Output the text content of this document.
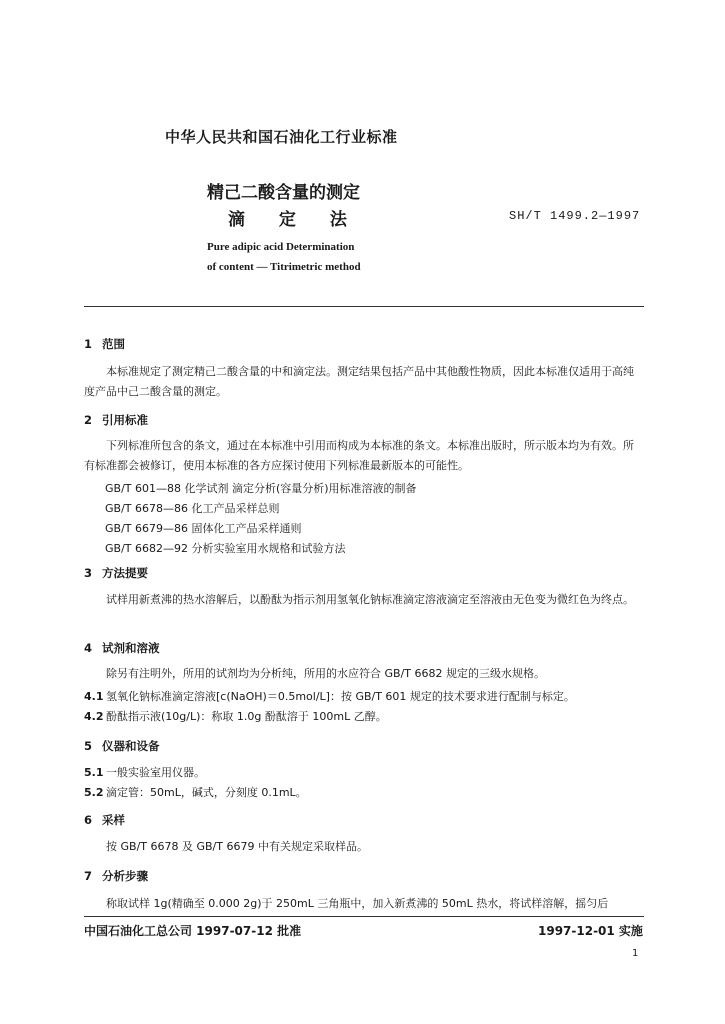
中华人民共和国石油化工行业标准
精己二酸含量的测定
滴 定 法	SH/T 1499.2—1997
Pure adipic acid Determination
of content — Titrimetric method
1 范围
本标准规定了测定精己二酸含量的中和滴定法。测定结果包括产品中其他酸性物质，因此本标准仅适用于高纯度产品中己二酸含量的测定。
2 引用标准
下列标准所包含的条文，通过在本标准中引用而构成为本标准的条文。本标准出版时，所示版本均为有效。所有标准都会被修订，使用本标准的各方应探讨使用下列标准最新版本的可能性。
GB/T 601—88 化学试剂 滴定分析(容量分析)用标准溶液的制备
GB/T 6678—86 化工产品采样总则
GB/T 6679—86 固体化工产品采样通则
GB/T 6682—92 分析实验室用水规格和试验方法
3 方法提要
试样用新煮沸的热水溶解后，以酚酞为指示剂用氢氧化钠标准滴定溶液滴定至溶液由无色变为微红色为终点。
4 试剂和溶液
除另有注明外，所用的试剂均为分析纯，所用的水应符合 GB/T 6682 规定的三级水规格。
4.1 氢氧化钠标准滴定溶液[c(NaOH)＝0.5mol/L]：按 GB/T 601 规定的技术要求进行配制与标定。
4.2 酚酞指示液(10g/L)：称取 1.0g 酚酞溶于 100mL 乙醇。
5 仪器和设备
5.1 一般实验室用仪器。
5.2 滴定管：50mL，碱式，分刻度 0.1mL。
6 采样
按 GB/T 6678 及 GB/T 6679 中有关规定采取样品。
7 分析步骤
称取试样 1g(精确至 0.000 2g)于 250mL 三角瓶中，加入新煮沸的 50mL 热水，将试样溶解，摇匀后
中国石油化工总公司 1997-07-12 批准	1997-12-01 实施
1
